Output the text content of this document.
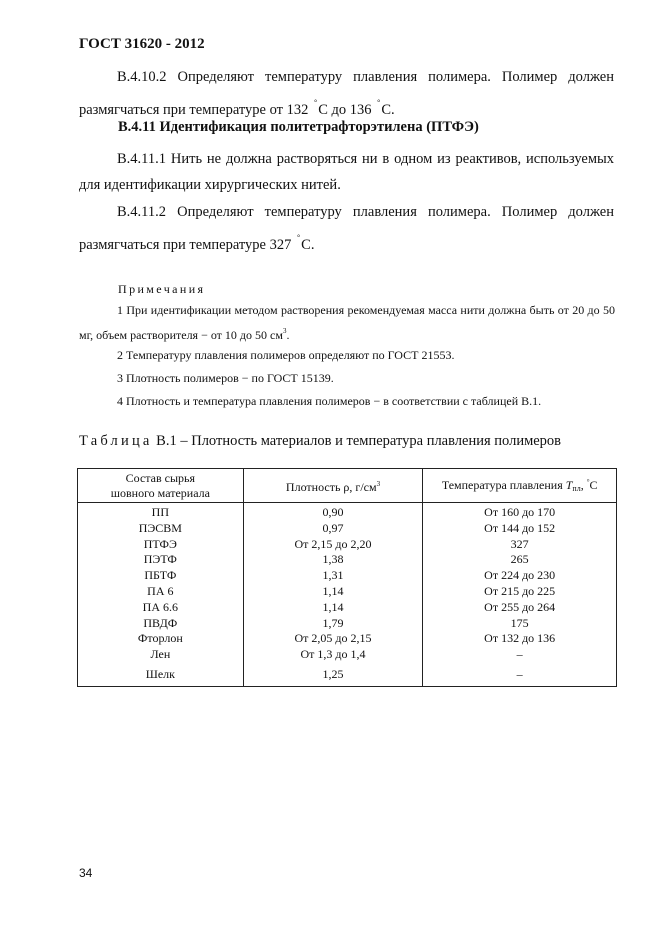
ГОСТ 31620 - 2012
В.4.10.2 Определяют температуру плавления полимера. Полимер должен размягчаться при температуре от 132 °С до 136 °С.
В.4.11 Идентификация политетрафторэтилена (ПТФЭ)
В.4.11.1 Нить не должна растворяться ни в одном из реактивов, используемых для идентификации хирургических нитей.
В.4.11.2 Определяют температуру плавления полимера. Полимер должен размягчаться при температуре 327 °С.
Примечания
1 При идентификации методом растворения рекомендуемая масса нити должна быть от 20 до 50 мг, объем растворителя − от 10 до 50 $см^3$.
2 Температуру плавления полимеров определяют по ГОСТ 21553.
3 Плотность полимеров − по ГОСТ 15139.
4 Плотность и температура плавления полимеров − в соответствии с таблицей В.1.
Таблица В.1 – Плотность материалов и температура плавления полимеров
Состав сырья
шовного материала	Плотность ρ, $г/см^3$	Температура плавления $T_{пл}$, °С
ПП	0,90	От 160 до 170
ПЭСВМ	0,97	От 144 до 152
ПТФЭ	От 2,15 до 2,20	327
ПЭТФ	1,38	265
ПБТФ	1,31	От 224 до 230
ПА 6	1,14	От 215 до 225
ПА 6.6	1,14	От 255 до 264
ПВДФ	1,79	175
Фторлон	От 2,05 до 2,15	От 132 до 136
Лен	От 1,3 до 1,4	–
Шелк	1,25	–
34
